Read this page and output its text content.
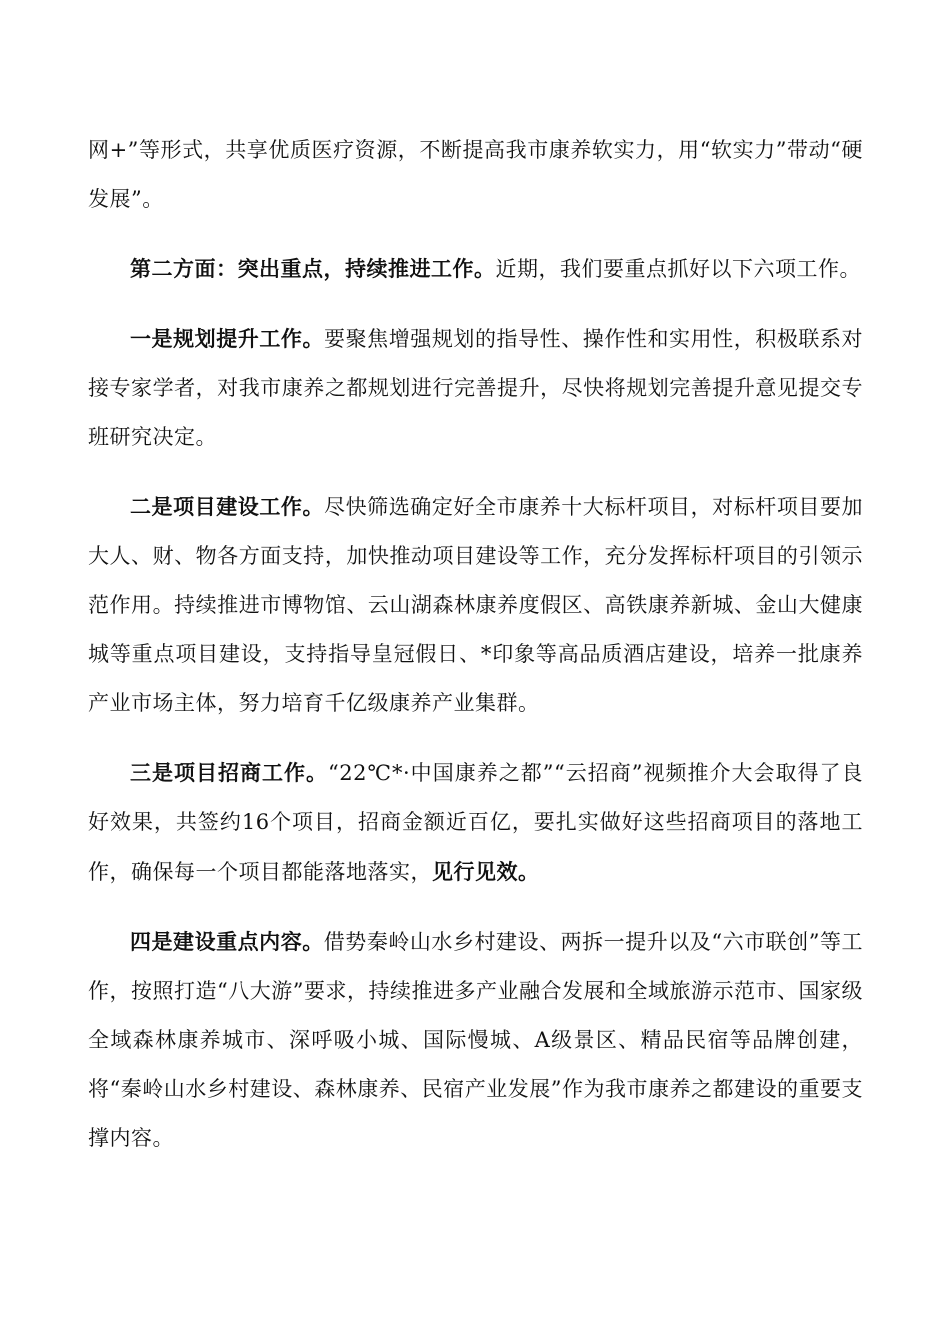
网+”等形式，共享优质医疗资源，不断提高我市康养软实力，用“软实力”带动“硬发展”。

第二方面：突出重点，持续推进工作。近期，我们要重点抓好以下六项工作。

一是规划提升工作。要聚焦增强规划的指导性、操作性和实用性，积极联系对接专家学者，对我市康养之都规划进行完善提升，尽快将规划完善提升意见提交专班研究决定。

二是项目建设工作。尽快筛选确定好全市康养十大标杆项目，对标杆项目要加大人、财、物各方面支持，加快推动项目建设等工作，充分发挥标杆项目的引领示范作用。持续推进市博物馆、云山湖森林康养度假区、高铁康养新城、金山大健康城等重点项目建设，支持指导皇冠假日、*印象等高品质酒店建设，培养一批康养产业市场主体，努力培育千亿级康养产业集群。

三是项目招商工作。“22℃*·中国康养之都”“云招商”视频推介大会取得了良好效果，共签约16个项目，招商金额近百亿，要扎实做好这些招商项目的落地工作，确保每一个项目都能落地落实，见行见效。

四是建设重点内容。借势秦岭山水乡村建设、两拆一提升以及“六市联创”等工作，按照打造“八大游”要求，持续推进多产业融合发展和全域旅游示范市、国家级全域森林康养城市、深呼吸小城、国际慢城、A级景区、精品民宿等品牌创建，将“秦岭山水乡村建设、森林康养、民宿产业发展”作为我市康养之都建设的重要支撑内容。
